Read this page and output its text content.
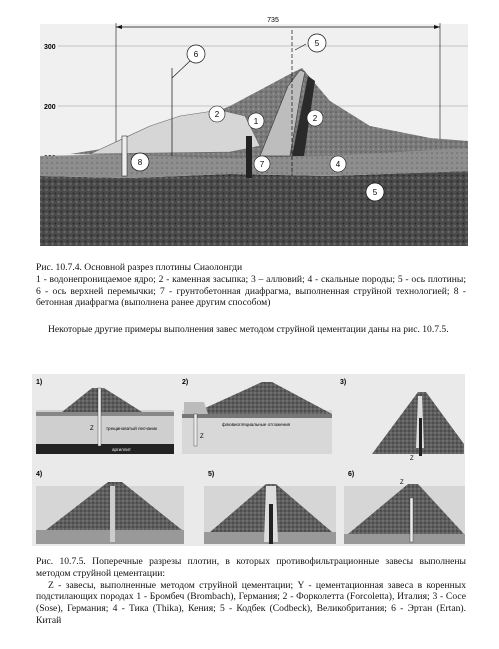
300
200
735
6
5
2
1	2
8	7	4
5
Рис. 10.7.4. Основной разрез плотины Сиаолонгди
1 - водонепроницаемое ядро; 2 - каменная засыпка; 3 – аллювий; 4 - скальные породы; 5 - ось плотины; 6 - ось верхней перемычки; 7 - грунтобетонная диафрагма, выполненная струйной технологией; 8 - бетонная диафрагма (выполнена ранее другим способом)
Некоторые другие примеры выполнения завес методом струйной цементации даны на рис. 10.7.5.
1)
Z	трещиноватый песчаник
аргиллит
2)
Z
флювиогляциальные отложения
3)
Z
4)	5)	6)
Z
Рис. 10.7.5. Поперечные разрезы плотин, в которых противофильтрационные завесы выполнены методом струйной цементации:
Z - завесы, выполненные методом струйной цементации; Y - цементационная завеса в коренных подстилающих породах 1 - Бромбеч (Brombach), Германия; 2 - Форколетта (Forcoletta), Италия; 3 - Сосе (Sose), Германия; 4 - Тика (Thika), Кения; 5 - Кодбек (Codbeck), Великобритания; 6 - Эртан (Ertan). Китай
